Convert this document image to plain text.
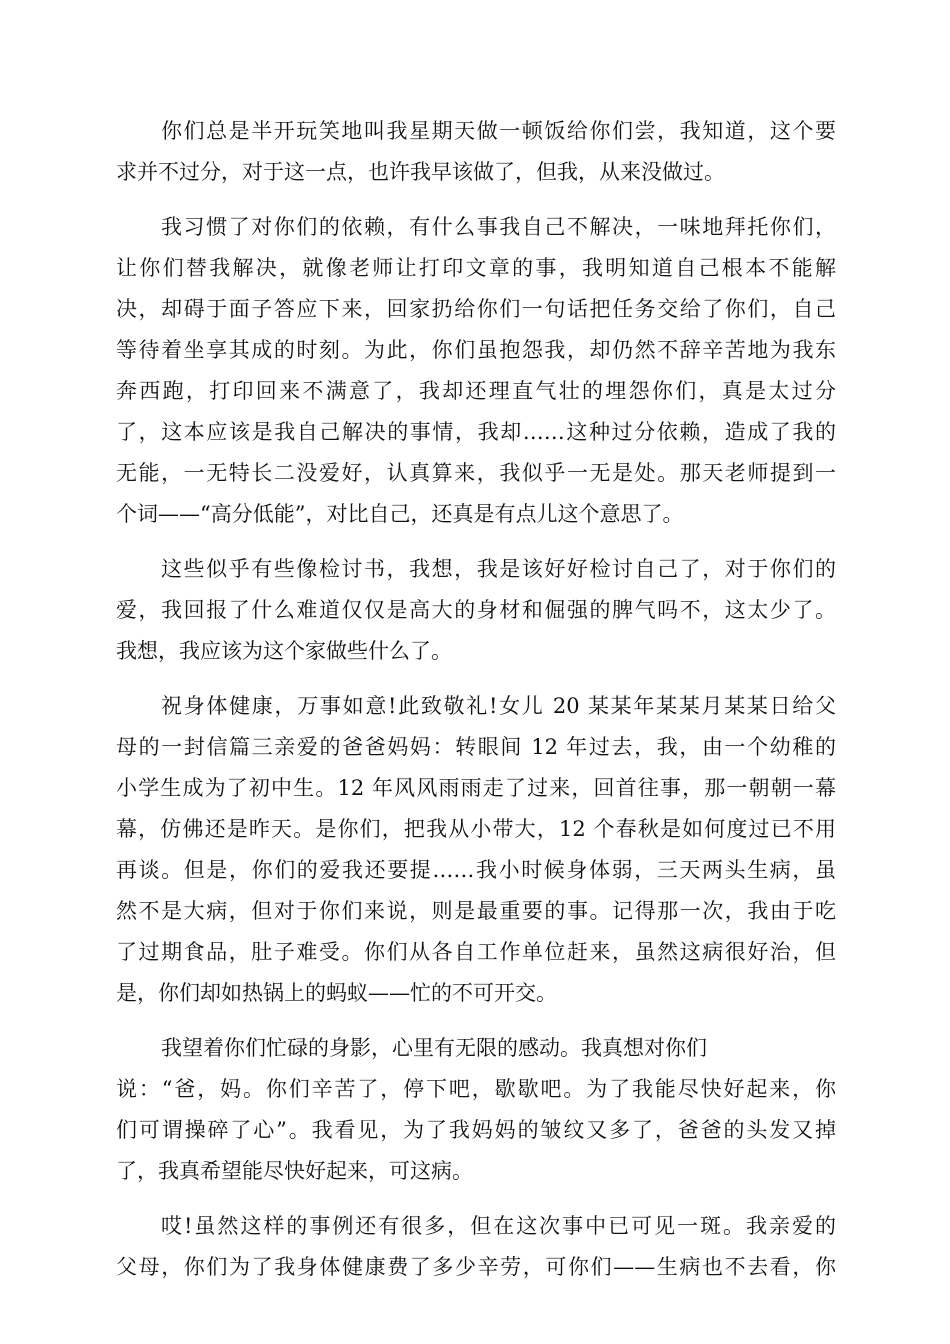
你们总是半开玩笑地叫我星期天做一顿饭给你们尝，我知道，这个要
求并不过分，对于这一点，也许我早该做了，但我，从来没做过。
我习惯了对你们的依赖，有什么事我自己不解决，一味地拜托你们，
让你们替我解决，就像老师让打印文章的事，我明知道自己根本不能解
决，却碍于面子答应下来，回家扔给你们一句话把任务交给了你们，自己
等待着坐享其成的时刻。为此，你们虽抱怨我，却仍然不辞辛苦地为我东
奔西跑，打印回来不满意了，我却还理直气壮的埋怨你们，真是太过分
了，这本应该是我自己解决的事情，我却……这种过分依赖，造成了我的
无能，一无特长二没爱好，认真算来，我似乎一无是处。那天老师提到一
个词——“高分低能”，对比自己，还真是有点儿这个意思了。
这些似乎有些像检讨书，我想，我是该好好检讨自己了，对于你们的
爱，我回报了什么难道仅仅是高大的身材和倔强的脾气吗不，这太少了。
我想，我应该为这个家做些什么了。
祝身体健康，万事如意!此致敬礼!女儿 20 某某年某某月某某日给父
母的一封信篇三亲爱的爸爸妈妈：转眼间 12 年过去，我，由一个幼稚的
小学生成为了初中生。12 年风风雨雨走了过来，回首往事，那一朝朝一幕
幕，仿佛还是昨天。是你们，把我从小带大，12 个春秋是如何度过已不用
再谈。但是，你们的爱我还要提……我小时候身体弱，三天两头生病，虽
然不是大病，但对于你们来说，则是最重要的事。记得那一次，我由于吃
了过期食品，肚子难受。你们从各自工作单位赶来，虽然这病很好治，但
是，你们却如热锅上的蚂蚁——忙的不可开交。
我望着你们忙碌的身影，心里有无限的感动。我真想对你们
说：“爸，妈。你们辛苦了，停下吧，歇歇吧。为了我能尽快好起来，你
们可谓操碎了心”。我看见，为了我妈妈的皱纹又多了，爸爸的头发又掉
了，我真希望能尽快好起来，可这病。
哎!虽然这样的事例还有很多，但在这次事中已可见一斑。我亲爱的
父母，你们为了我身体健康费了多少辛劳，可你们——生病也不去看，你
